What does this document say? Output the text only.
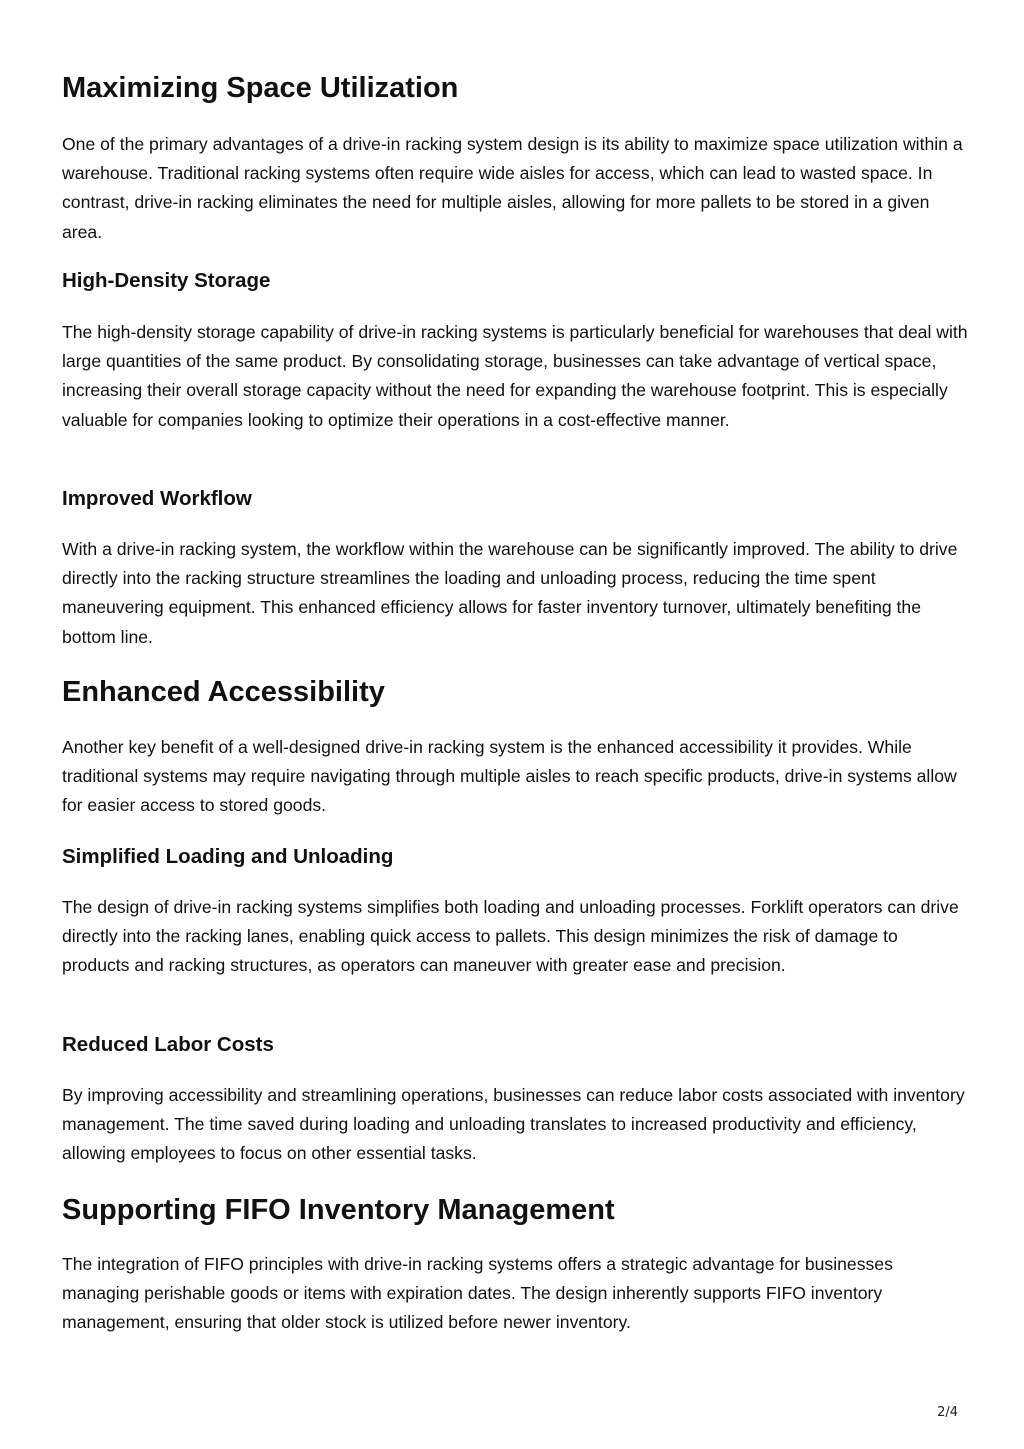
Maximizing Space Utilization

One of the primary advantages of a drive-in racking system design is its ability to maximize space utilization within a warehouse. Traditional racking systems often require wide aisles for access, which can lead to wasted space. In contrast, drive-in racking eliminates the need for multiple aisles, allowing for more pallets to be stored in a given area.

High-Density Storage

The high-density storage capability of drive-in racking systems is particularly beneficial for warehouses that deal with large quantities of the same product. By consolidating storage, businesses can take advantage of vertical space, increasing their overall storage capacity without the need for expanding the warehouse footprint. This is especially valuable for companies looking to optimize their operations in a cost-effective manner.

Improved Workflow

With a drive-in racking system, the workflow within the warehouse can be significantly improved. The ability to drive directly into the racking structure streamlines the loading and unloading process, reducing the time spent maneuvering equipment. This enhanced efficiency allows for faster inventory turnover, ultimately benefiting the bottom line.

Enhanced Accessibility

Another key benefit of a well-designed drive-in racking system is the enhanced accessibility it provides. While traditional systems may require navigating through multiple aisles to reach specific products, drive-in systems allow for easier access to stored goods.

Simplified Loading and Unloading

The design of drive-in racking systems simplifies both loading and unloading processes. Forklift operators can drive directly into the racking lanes, enabling quick access to pallets. This design minimizes the risk of damage to products and racking structures, as operators can maneuver with greater ease and precision.

Reduced Labor Costs

By improving accessibility and streamlining operations, businesses can reduce labor costs associated with inventory management. The time saved during loading and unloading translates to increased productivity and efficiency, allowing employees to focus on other essential tasks.

Supporting FIFO Inventory Management

The integration of FIFO principles with drive-in racking systems offers a strategic advantage for businesses managing perishable goods or items with expiration dates. The design inherently supports FIFO inventory management, ensuring that older stock is utilized before newer inventory.

2/4
